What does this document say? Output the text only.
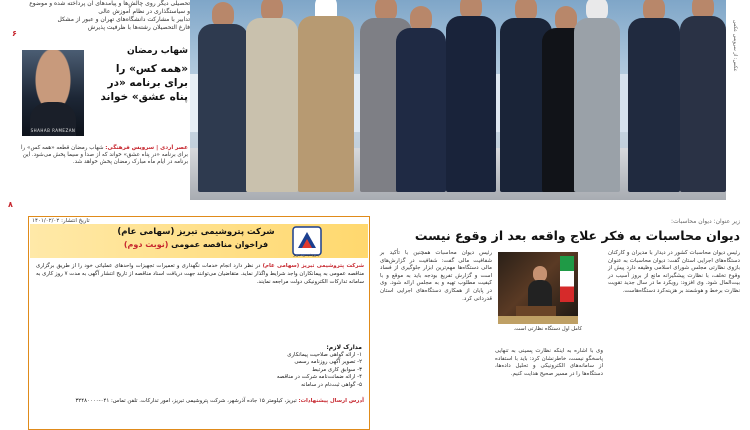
تحصیلی دیگر روی چالش‌ها و پیامدهای آن پرداخته شده و موضوع
و سیاستگذاری در نظام آموزش عالی
تدابیر با مشارکت دانشگاه‌های تهران و عبور از مشکل
فارغ التحصیلان رشته‌ها با ظرفیت پذیرش
۶
SHAHAB RAMEZAN
شهاب رمضان
«همه کس» را برای برنامه «در پناه عشق» خواند
عصر اردی | سرویس فرهنگی: شهاب رمضان قطعه «همه کس» را برای برنامه «در پناه عشق» خواند که از صدا و سیما پخش می‌شود. این برنامه در ایام ماه مبارک رمضان پخش خواهد شد.
۸
عکس: از سرویس عکس
زیر عنوان: دیوان محاسبات:
دیوان محاسبات به فکر علاج واقعه بعد از وقوع نیست
رئیس دیوان محاسبات کشور در دیدار با مدیران و کارکنان دستگاه‌های اجرایی استان گفت: دیوان محاسبات به عنوان بازوی نظارتی مجلس شورای اسلامی وظیفه دارد پیش از وقوع تخلف، با نظارت پیشگیرانه مانع از بروز آسیب در بیت‌المال شود. وی افزود: رویکرد ما در سال جدید تقویت نظارت برخط و هوشمند بر هزینه‌کرد دستگاه‌هاست.
کامل اول دستگاه نظارتی است.
وی با اشاره به اینکه نظارت پسینی به تنهایی پاسخگو نیست، خاطرنشان کرد: باید با استفاده از سامانه‌های الکترونیکی و تحلیل داده‌ها، دستگاه‌ها را در مسیر صحیح هدایت کنیم.
رئیس دیوان محاسبات همچنین با تأکید بر شفافیت مالی گفت: شفافیت در گزارش‌های مالی دستگاه‌ها مهم‌ترین ابزار جلوگیری از فساد است و گزارش تفریغ بودجه باید به موقع و با کیفیت مطلوب تهیه و به مجلس ارائه شود. وی در پایان از همکاری دستگاه‌های اجرایی استان قدردانی کرد.
تاریخ انتشار: ۱۴۰۱/۰۲/۰۲
پتروشیمی تبریز
شرکت پتروشیمی تبریز (سهامی عام)
فراخوان مناقصه عمومی (نوبت دوم)
شرکت پتروشیمی تبریز (سهامی عام) در نظر دارد انجام خدمات نگهداری و تعمیرات تجهیزات واحدهای عملیاتی خود را از طریق برگزاری مناقصه عمومی به پیمانکاران واجد شرایط واگذار نماید. متقاضیان می‌توانند جهت دریافت اسناد مناقصه از تاریخ انتشار آگهی به مدت ۷ روز کاری به سامانه تدارکات الکترونیکی دولت مراجعه نمایند.
مدارک لازم:
۱- ارائه گواهی صلاحیت پیمانکاری
۲- تصویر آگهی روزنامه رسمی
۳- سوابق کاری مرتبط
۴- ارائه ضمانت‌نامه شرکت در مناقصه
۵- گواهی ثبت‌نام در سامانه
آدرس ارسال پیشنهادات: تبریز، کیلومتر ۱۵ جاده آذرشهر، شرکت پتروشیمی تبریز، امور تدارکات. تلفن تماس: ۰۴۱-۳۲۴۸۰۰۰۰
